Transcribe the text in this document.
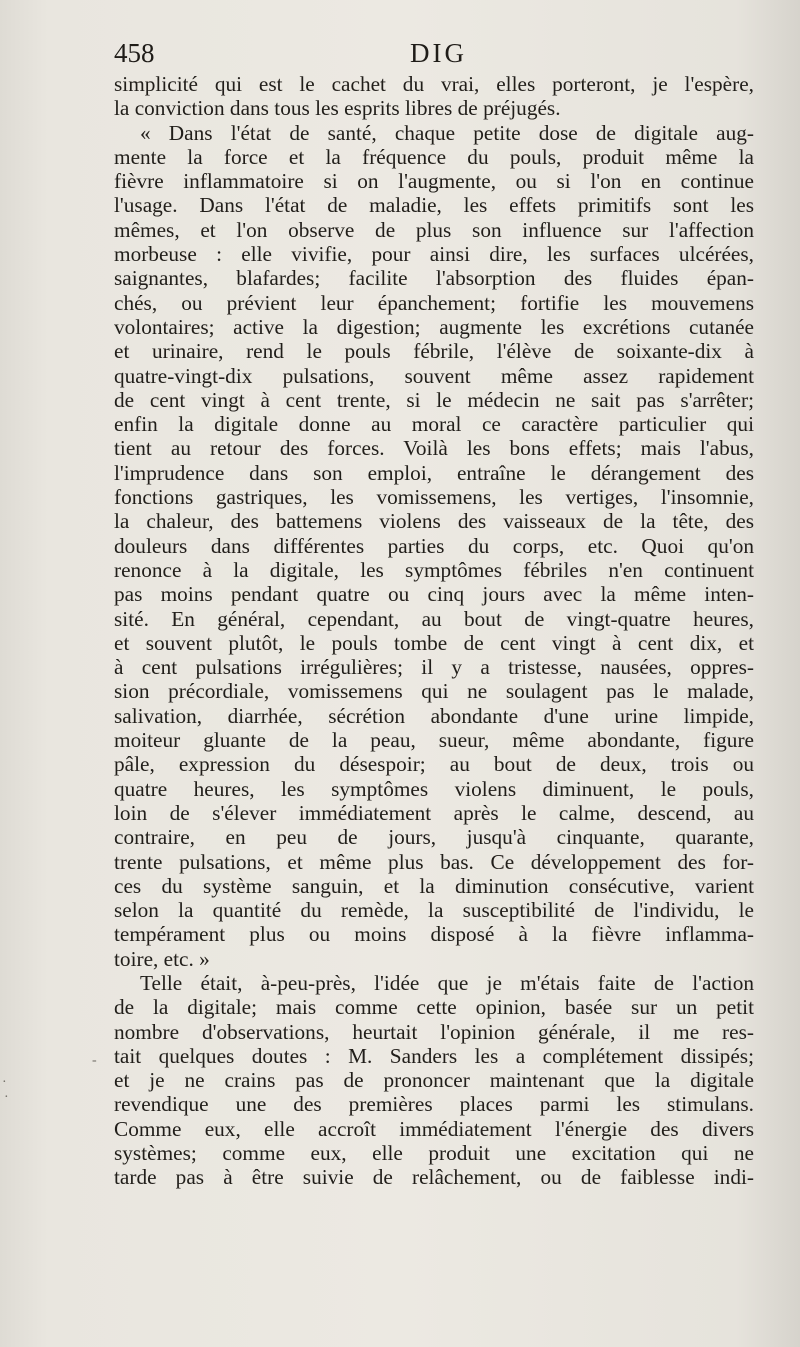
458	DIG
simplicité qui est le cachet du vrai, elles porteront, je l'espère,
la conviction dans tous les esprits libres de préjugés.
« Dans l'état de santé, chaque petite dose de digitale aug-
mente la force et la fréquence du pouls, produit même la
fièvre inflammatoire si on l'augmente, ou si l'on en continue
l'usage. Dans l'état de maladie, les effets primitifs sont les
mêmes, et l'on observe de plus son influence sur l'affection
morbeuse : elle vivifie, pour ainsi dire, les surfaces ulcérées,
saignantes, blafardes; facilite l'absorption des fluides épan-
chés, ou prévient leur épanchement; fortifie les mouvemens
volontaires; active la digestion; augmente les excrétions cutanée
et urinaire, rend le pouls fébrile, l'élève de soixante-dix à
quatre-vingt-dix pulsations, souvent même assez rapidement
de cent vingt à cent trente, si le médecin ne sait pas s'arrêter;
enfin la digitale donne au moral ce caractère particulier qui
tient au retour des forces. Voilà les bons effets; mais l'abus,
l'imprudence dans son emploi, entraîne le dérangement des
fonctions gastriques, les vomissemens, les vertiges, l'insomnie,
la chaleur, des battemens violens des vaisseaux de la tête, des
douleurs dans différentes parties du corps, etc. Quoi qu'on
renonce à la digitale, les symptômes fébriles n'en continuent
pas moins pendant quatre ou cinq jours avec la même inten-
sité. En général, cependant, au bout de vingt-quatre heures,
et souvent plutôt, le pouls tombe de cent vingt à cent dix, et
à cent pulsations irrégulières; il y a tristesse, nausées, oppres-
sion précordiale, vomissemens qui ne soulagent pas le malade,
salivation, diarrhée, sécrétion abondante d'une urine limpide,
moiteur gluante de la peau, sueur, même abondante, figure
pâle, expression du désespoir; au bout de deux, trois ou
quatre heures, les symptômes violens diminuent, le pouls,
loin de s'élever immédiatement après le calme, descend, au
contraire, en peu de jours, jusqu'à cinquante, quarante,
trente pulsations, et même plus bas. Ce développement des for-
ces du système sanguin, et la diminution consécutive, varient
selon la quantité du remède, la susceptibilité de l'individu, le
tempérament plus ou moins disposé à la fièvre inflamma-
toire, etc. »
Telle était, à-peu-près, l'idée que je m'étais faite de l'action
de la digitale; mais comme cette opinion, basée sur un petit
nombre d'observations, heurtait l'opinion générale, il me res-
tait quelques doutes : M. Sanders les a complétement dissipés;
et je ne crains pas de prononcer maintenant que la digitale
revendique une des premières places parmi les stimulans.
Comme eux, elle accroît immédiatement l'énergie des divers
systèmes; comme eux, elle produit une excitation qui ne
tarde pas à être suivie de relâchement, ou de faiblesse indi-
-
·
·
